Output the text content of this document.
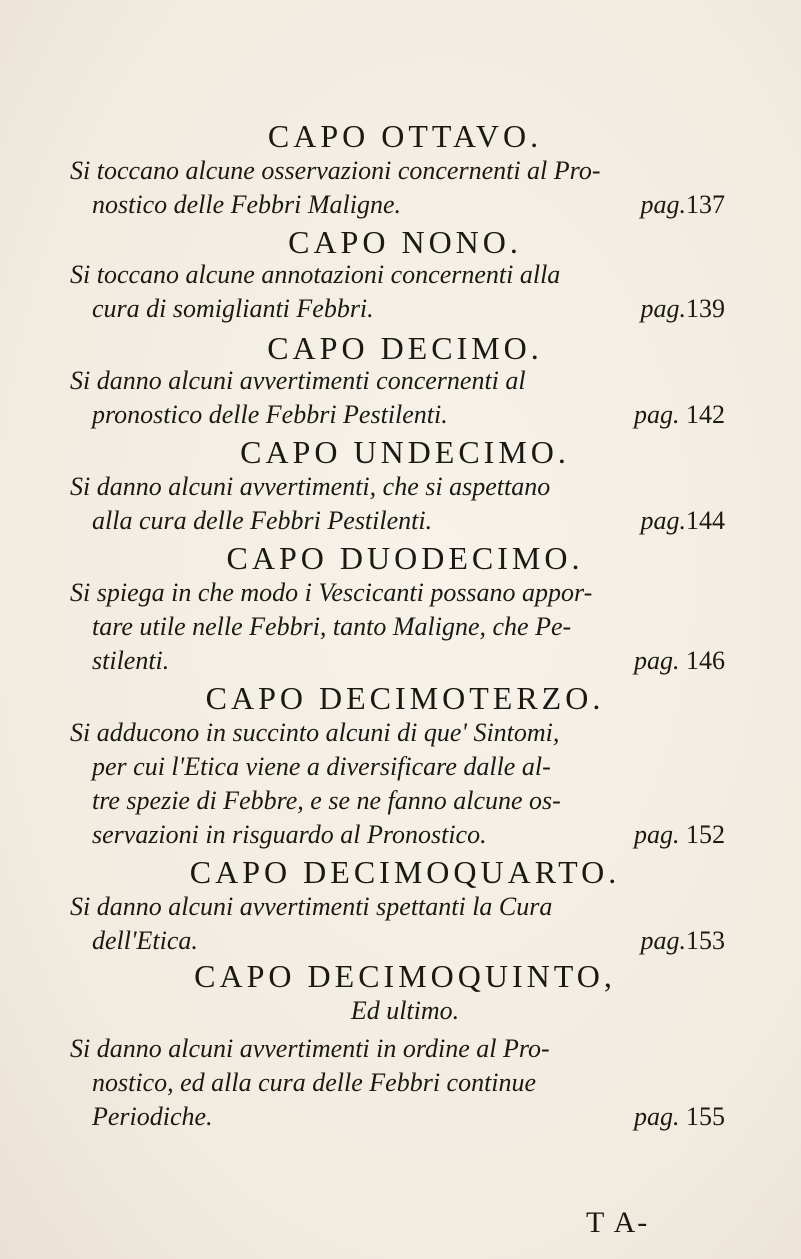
CAPO OTTAVO.
Si toccano alcune osservazioni concernenti al Pro-
nostico delle Febbri Maligne.	pag.137
CAPO NONO.
Si toccano alcune annotazioni concernenti alla
cura di somiglianti Febbri.	pag.139
CAPO DECIMO.
Si danno alcuni avvertimenti concernenti al
pronostico delle Febbri Pestilenti.	pag. 142
CAPO UNDECIMO.
Si danno alcuni avvertimenti, che si aspettano
alla cura delle Febbri Pestilenti.	pag.144
CAPO DUODECIMO.
Si spiega in che modo i Vescicanti possano appor-
tare utile nelle Febbri, tanto Maligne, che Pe-
stilenti.	pag. 146
CAPO DECIMOTERZO.
Si adducono in succinto alcuni di que' Sintomi,
per cui l'Etica viene a diversificare dalle al-
tre spezie di Febbre, e se ne fanno alcune os-
servazioni in risguardo al Pronostico.	pag. 152
CAPO DECIMOQUARTO.
Si danno alcuni avvertimenti spettanti la Cura
dell'Etica.	pag.153
CAPO DECIMOQUINTO,
Ed ultimo.
Si danno alcuni avvertimenti in ordine al Pro-
nostico, ed alla cura delle Febbri continue
Periodiche.	pag. 155
T A-
